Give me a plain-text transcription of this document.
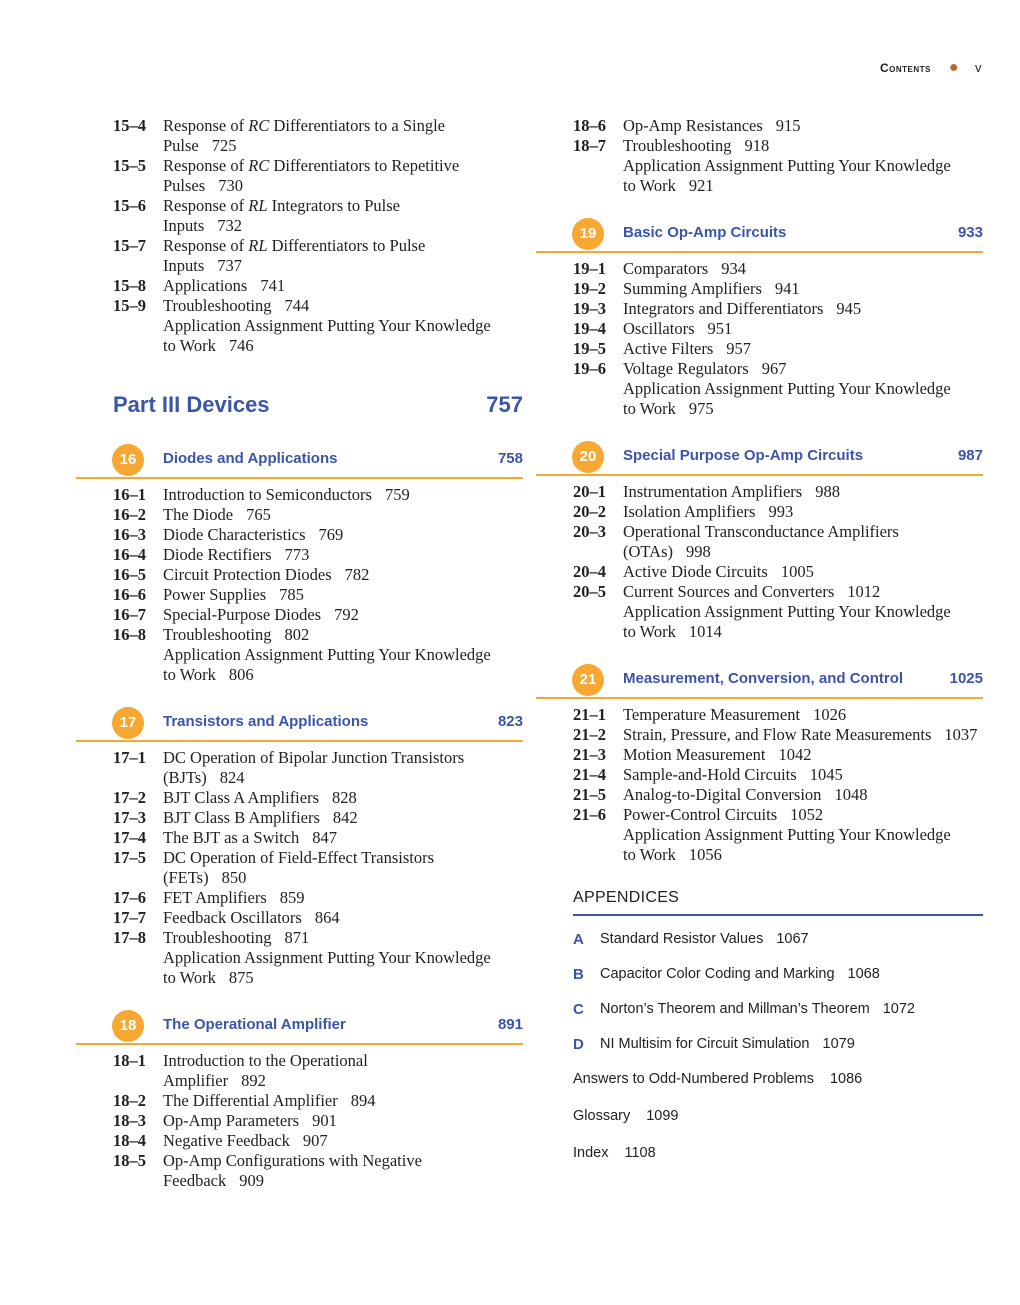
Contents ● v
15–4 Response of RC Differentiators to a Single
Pulse 725
15–5 Response of RC Differentiators to Repetitive
Pulses 730
15–6 Response of RL Integrators to Pulse
Inputs 732
15–7 Response of RL Differentiators to Pulse
Inputs 737
15–8 Applications 741
15–9 Troubleshooting 744
Application Assignment Putting Your Knowledge
to Work 746
Part III Devices	757
16	Diodes and Applications	758
16–1 Introduction to Semiconductors 759
16–2 The Diode 765
16–3 Diode Characteristics 769
16–4 Diode Rectifiers 773
16–5 Circuit Protection Diodes 782
16–6 Power Supplies 785
16–7 Special-Purpose Diodes 792
16–8 Troubleshooting 802
Application Assignment Putting Your Knowledge
to Work 806
17	Transistors and Applications	823
17–1 DC Operation of Bipolar Junction Transistors
(BJTs) 824
17–2 BJT Class A Amplifiers 828
17–3 BJT Class B Amplifiers 842
17–4 The BJT as a Switch 847
17–5 DC Operation of Field-Effect Transistors
(FETs) 850
17–6 FET Amplifiers 859
17–7 Feedback Oscillators 864
17–8 Troubleshooting 871
Application Assignment Putting Your Knowledge
to Work 875
18	The Operational Amplifier	891
18–1 Introduction to the Operational
Amplifier 892
18–2 The Differential Amplifier 894
18–3 Op-Amp Parameters 901
18–4 Negative Feedback 907
18–5 Op-Amp Configurations with Negative
Feedback 909
18–6 Op-Amp Resistances 915
18–7 Troubleshooting 918
Application Assignment Putting Your Knowledge
to Work 921
19	Basic Op-Amp Circuits	933
19–1 Comparators 934
19–2 Summing Amplifiers 941
19–3 Integrators and Differentiators 945
19–4 Oscillators 951
19–5 Active Filters 957
19–6 Voltage Regulators 967
Application Assignment Putting Your Knowledge
to Work 975
20	Special Purpose Op-Amp Circuits	987
20–1 Instrumentation Amplifiers 988
20–2 Isolation Amplifiers 993
20–3 Operational Transconductance Amplifiers
(OTAs) 998
20–4 Active Diode Circuits 1005
20–5 Current Sources and Converters 1012
Application Assignment Putting Your Knowledge
to Work 1014
21	Measurement, Conversion, and Control	1025
21–1 Temperature Measurement 1026
21–2 Strain, Pressure, and Flow Rate Measurements 1037
21–3 Motion Measurement 1042
21–4 Sample-and-Hold Circuits 1045
21–5 Analog-to-Digital Conversion 1048
21–6 Power-Control Circuits 1052
Application Assignment Putting Your Knowledge
to Work 1056
APPENDICES
A Standard Resistor Values 1067
B Capacitor Color Coding and Marking 1068
C Norton’s Theorem and Millman’s Theorem 1072
D NI Multisim for Circuit Simulation 1079
Answers to Odd-Numbered Problems 1086
Glossary 1099
Index 1108
